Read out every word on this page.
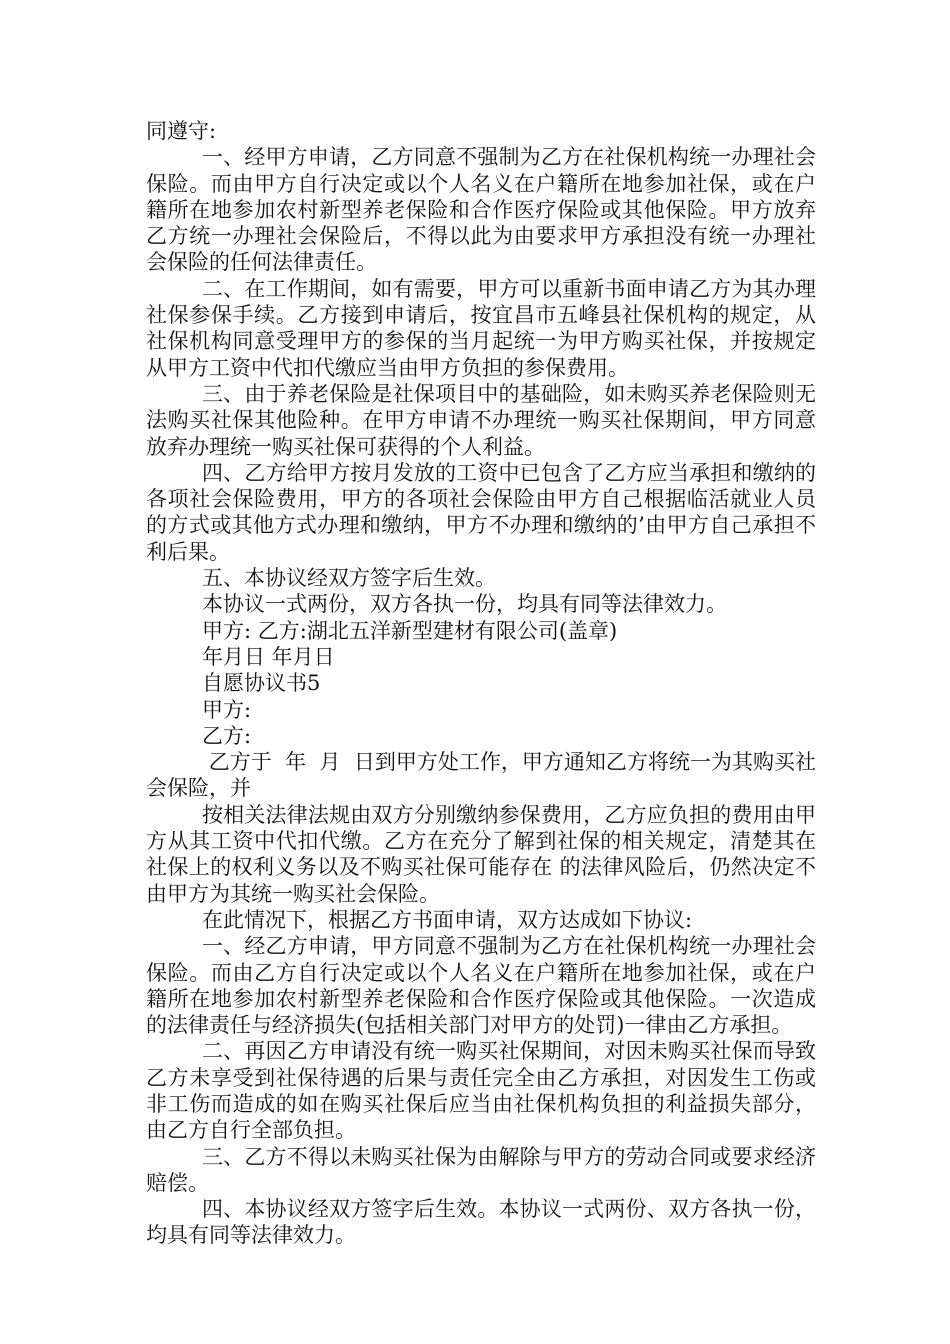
同遵守:

一、经甲方申请，乙方同意不强制为乙方在社保机构统一办理社会保险。而由甲方自行决定或以个人名义在户籍所在地参加社保，或在户籍所在地参加农村新型养老保险和合作医疗保险或其他保险。甲方放弃乙方统一办理社会保险后，不得以此为由要求甲方承担没有统一办理社会保险的任何法律责任。

二、在工作期间，如有需要，甲方可以重新书面申请乙方为其办理社保参保手续。乙方接到申请后，按宜昌市五峰县社保机构的规定，从社保机构同意受理甲方的参保的当月起统一为甲方购买社保，并按规定从甲方工资中代扣代缴应当由甲方负担的参保费用。

三、由于养老保险是社保项目中的基础险，如未购买养老保险则无法购买社保其他险种。在甲方申请不办理统一购买社保期间，甲方同意放弃办理统一购买社保可获得的个人利益。

四、乙方给甲方按月发放的工资中已包含了乙方应当承担和缴纳的各项社会保险费用，甲方的各项社会保险由甲方自己根据临活就业人员的方式或其他方式办理和缴纳，甲方不办理和缴纳的’由甲方自己承担不利后果。

五、本协议经双方签字后生效。

本协议一式两份，双方各执一份，均具有同等法律效力。

甲方: 乙方:湖北五洋新型建材有限公司(盖章)

年月日 年月日

自愿协议书5

甲方:

乙方:

乙方于  年  月  日到甲方处工作，甲方通知乙方将统一为其购买社会保险，并

按相关法律法规由双方分别缴纳参保费用，乙方应负担的费用由甲方从其工资中代扣代缴。乙方在充分了解到社保的相关规定，清楚其在社保上的权利义务以及不购买社保可能存在 的法律风险后，仍然决定不由甲方为其统一购买社会保险。

在此情况下，根据乙方书面申请，双方达成如下协议:

一、经乙方申请，甲方同意不强制为乙方在社保机构统一办理社会保险。而由乙方自行决定或以个人名义在户籍所在地参加社保，或在户籍所在地参加农村新型养老保险和合作医疗保险或其他保险。一次造成的法律责任与经济损失(包括相关部门对甲方的处罚)一律由乙方承担。

二、再因乙方申请没有统一购买社保期间，对因未购买社保而导致乙方未享受到社保待遇的后果与责任完全由乙方承担，对因发生工伤或非工伤而造成的如在购买社保后应当由社保机构负担的利益损失部分，由乙方自行全部负担。

三、乙方不得以未购买社保为由解除与甲方的劳动合同或要求经济赔偿。

四、本协议经双方签字后生效。本协议一式两份、双方各执一份，均具有同等法律效力。
